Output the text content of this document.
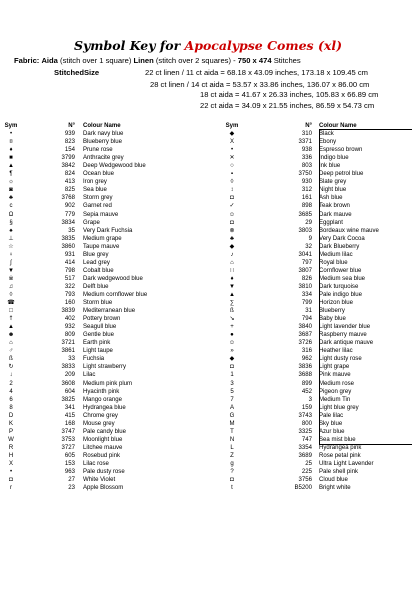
Symbol Key for Apocalypse Comes (xl)
Fabric: Aida (stitch over 1 square) Linen (stitch over 2 squares) - 750 x 474 Stitches
StitchedSize	22 ct linen / 11 ct aida = 68.18 x 43.09 inches, 173.18 x 109.45 cm
28 ct linen / 14 ct aida = 53.57 x 33.86 inches, 136.07 x 86.00 cm
18 ct aida = 41.67 x 26.33 inches, 105.83 x 66.89 cm
22 ct aida = 34.09 x 21.55 inches, 86.59 x 54.73 cm
Sym	N° Colour Name
•	939 Dark navy blue
¤	823 Blueberry blue
♦	154 Prune rose
■	3799 Anthracite grey
▲	3842 Deep Wedgewood blue
¶	824 Ocean blue
☼	413 Iron grey
◙	825 Sea blue
♣	3768 Storm grey
c	902 Garnet red
Ω	779 Sepia mauve
§	3834 Grape
♠	35 Very Dark Fuchsia
⊥	3835 Medium grape
☆	3860 Taupe mauve
♀	931 Blue grey
∫	414 Lead grey
▼	798 Cobalt blue
※	517 Dark wedgewood blue
♫	322 Delft blue
◊	793 Medium cornflower blue
☎	160 Storm blue
□	3839 Mediterranean blue
ϯ	402 Pottery brown
▲	932 Seagull blue
☻	809 Gentle blue
⌂	3721 Earth pink
♂	3861 Light taupe
ß	33 Fuchsia
↻	3833 Light strawberry
↓	209 Lilac
2	3608 Medium pink plum
4	604 Hyacinth pink
6	3825 Mango orange
8	341 Hydrangea blue
D	415 Chrome grey
K	168 Mouse grey
P	3747 Pale candy blue
W	3753 Moonlight blue
R	3727 Litchee mauve
H	605 Rosebud pink
X	153 Lilac rose
•	963 Pale dusty rose
◘	27 White Violet
r	23 Apple Blossom
Sym	N° Colour Name
◆	310 Black
X	3371 Ebony
•	938 Espresso brown
✕	336 Indigo blue
○	803 Ink blue
▪	3750 Deep petrol blue
◊	930 Slate grey
↕	312 Night blue
◘	161 Ash blue
✓	898 Teak brown
☺	3685 Dark mauve
◘	29 Eggplant
⊗	3803 Bordeaux wine mauve
♣	9 Very Dark Cocoa
◆	32 Dark Blueberry
♪	3041 Medium lilac
⌂	797 Royal blue
∷	3807 Cornflower blue
♦	826 Medium sea blue
▼	3810 Dark turquoise
▲	334 Pale indigo blue
∑	799 Horizon blue
ß	31 Blueberry
↘	794 Baby blue
+	3840 Light lavender blue
●	3687 Raspberry mauve
☺	3726 Dark antique mauve
»	316 Heather lilac
◆	962 Light dusty rose
◘	3836 Light grape
1	3688 Pink mauve
3	899 Medium rose
5	452 Pigeon grey
7	3 Medium Tin
A	159 Light blue grey
G	3743 Pale lilac
M	800 Sky blue
T	3325 Azur blue
N	747 Sea mist blue
L	3354 Hydrangea pink
Z	3689 Rose petal pink
g	25 Ultra Light Lavender
?	225 Pale shell pink
◘	3756 Cloud blue
t	B5200 Bright white
